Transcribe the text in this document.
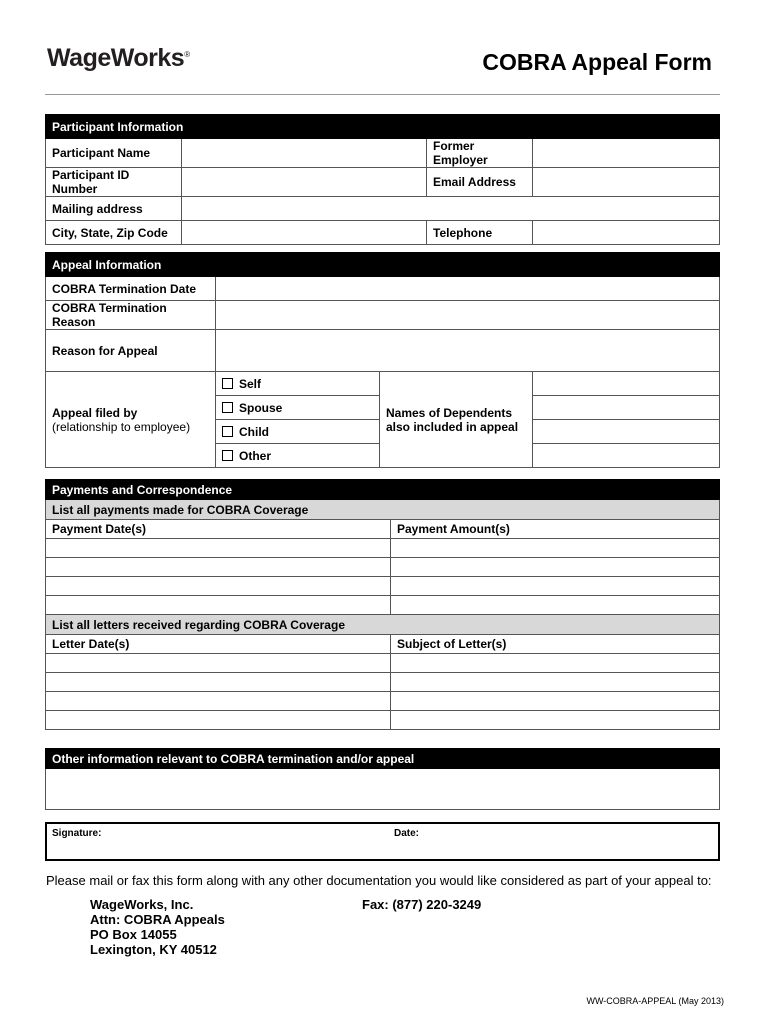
WageWorks®	COBRA Appeal Form
Participant Information			
Participant Name		Former Employer	
Participant ID Number		Email Address	
Mailing address			
City, State, Zip Code		Telephone	
Appeal Information			
COBRA Termination Date			
COBRA Termination Reason			
Reason for Appeal			

Appeal filed by
(relationship to employee)	Self	Names of Dependents also included in appeal	
	Spouse		
	Child		
	Other		
Payments and Correspondence	
List all payments made for COBRA Coverage	
Payment Date(s)	Payment Amount(s)

List all letters received regarding COBRA Coverage	
Letter Date(s)	Subject of Letter(s)

Other information relevant to COBRA termination and/or appeal

Signature:	Date:
Please mail or fax this form along with any other documentation you would like considered as part of your appeal to:
WageWorks, Inc.
Attn: COBRA Appeals
PO Box 14055
Lexington, KY 40512
Fax: (877) 220-3249
WW-COBRA-APPEAL (May 2013)
